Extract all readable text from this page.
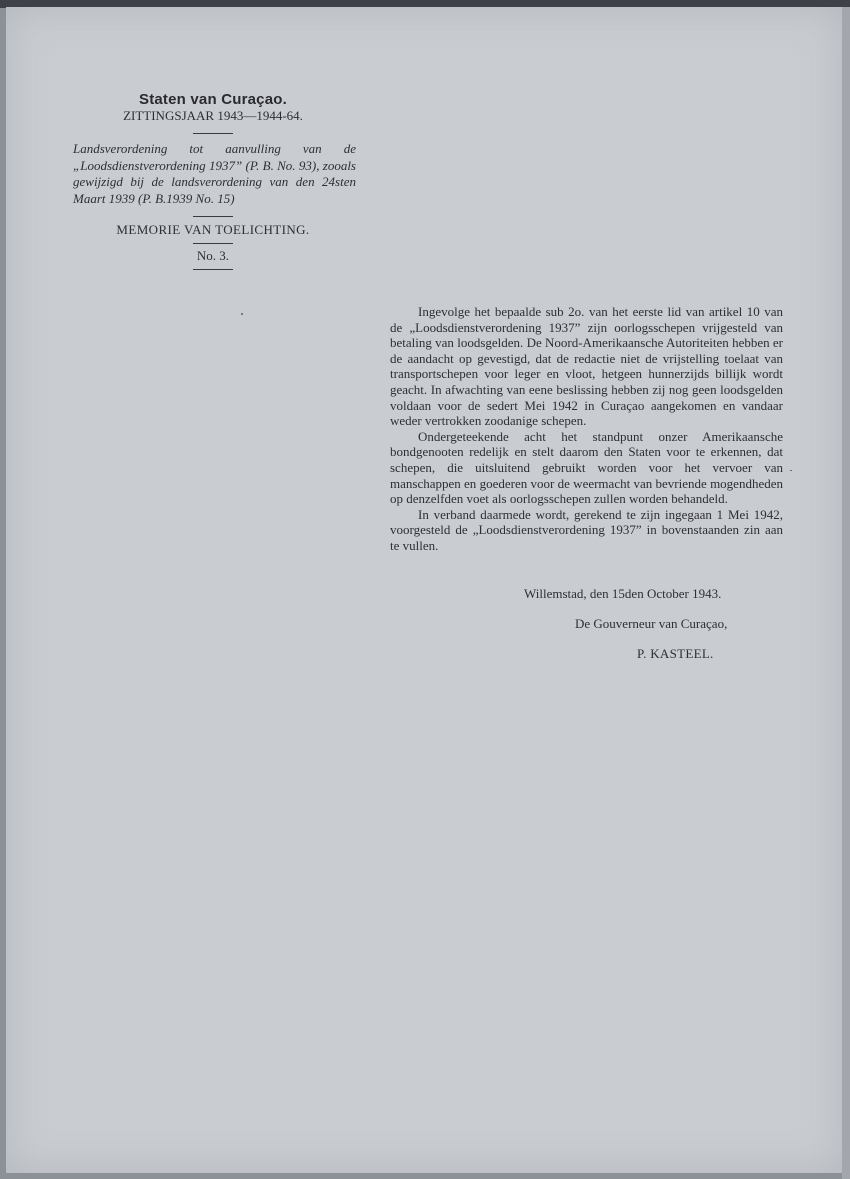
Staten van Curaçao.
ZITTINGSJAAR 1943—1944-64.
Landsverordening tot aanvulling van de „Loodsdienstverordening 1937” (P. B. No. 93), zooals gewijzigd bij de landsverordening van den 24sten Maart 1939 (P. B.1939 No. 15)
MEMORIE VAN TOELICHTING.
No. 3.

Ingevolge het bepaalde sub 2o. van het eerste lid van artikel 10 van de „Loodsdienstverordening 1937” zijn oorlogsschepen vrijgesteld van betaling van loodsgelden. De Noord-Amerikaansche Autoriteiten hebben er de aandacht op gevestigd, dat de redactie niet de vrijstelling toelaat van transportschepen voor leger en vloot, hetgeen hunnerzijds billijk wordt geacht. In afwachting van eene beslissing hebben zij nog geen loodsgelden voldaan voor de sedert Mei 1942 in Curaçao aangekomen en vandaar weder vertrokken zoodanige schepen.

Ondergeteekende acht het standpunt onzer Amerikaansche bondgenooten redelijk en stelt daarom den Staten voor te erkennen, dat schepen, die uitsluitend gebruikt worden voor het vervoer van manschappen en goederen voor de weermacht van bevriende mogendheden op denzelfden voet als oorlogsschepen zullen worden behandeld.

In verband daarmede wordt, gerekend te zijn ingegaan 1 Mei 1942, voorgesteld de „Loodsdienstverordening 1937” in bovenstaanden zin aan te vullen.

Willemstad, den 15den October 1943.
De Gouverneur van Curaçao,
P. KASTEEL.
